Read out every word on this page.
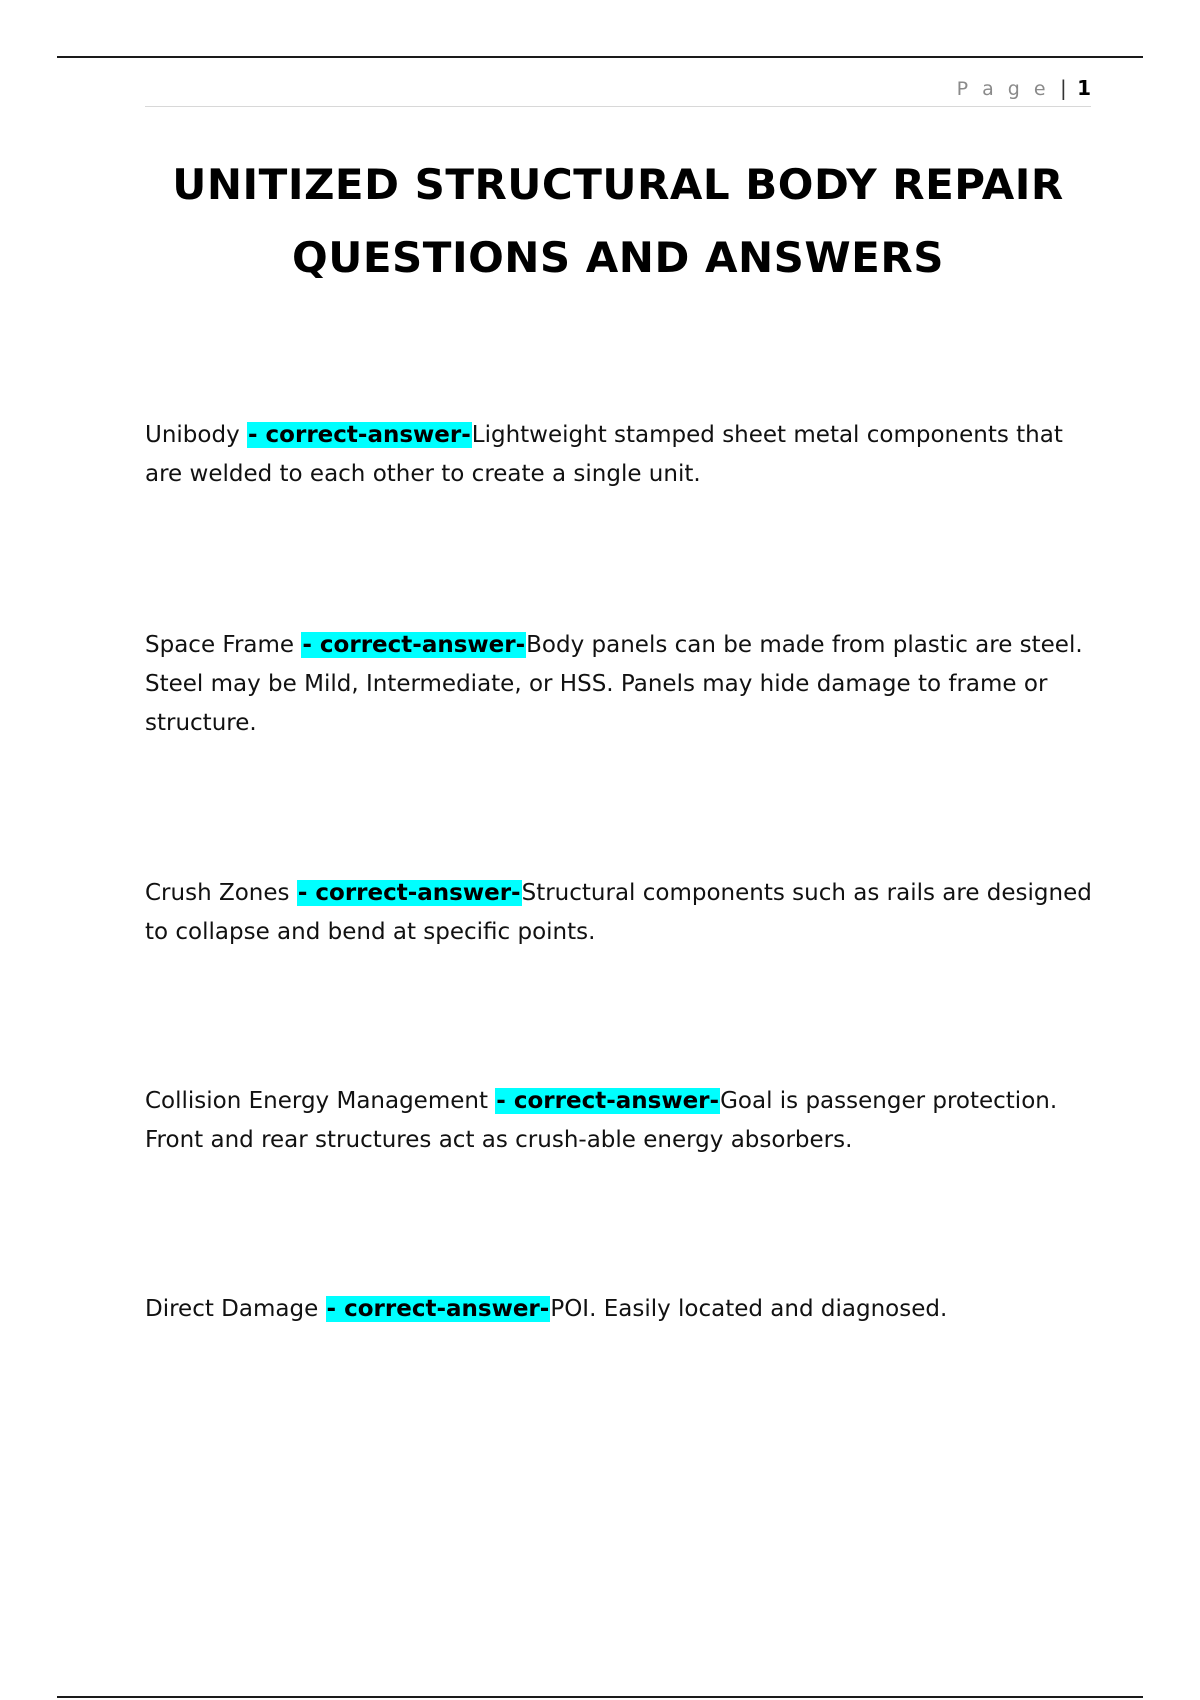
P a g e | 1
UNITIZED STRUCTURAL BODY REPAIR
QUESTIONS AND ANSWERS

Unibody - correct-answer-Lightweight stamped sheet metal components that are welded to each other to create a single unit.

Space Frame - correct-answer-Body panels can be made from plastic are steel. Steel may be Mild, Intermediate, or HSS. Panels may hide damage to frame or structure.

Crush Zones - correct-answer-Structural components such as rails are designed to collapse and bend at specific points.

Collision Energy Management - correct-answer-Goal is passenger protection. Front and rear structures act as crush-able energy absorbers.

Direct Damage - correct-answer-POI. Easily located and diagnosed.
